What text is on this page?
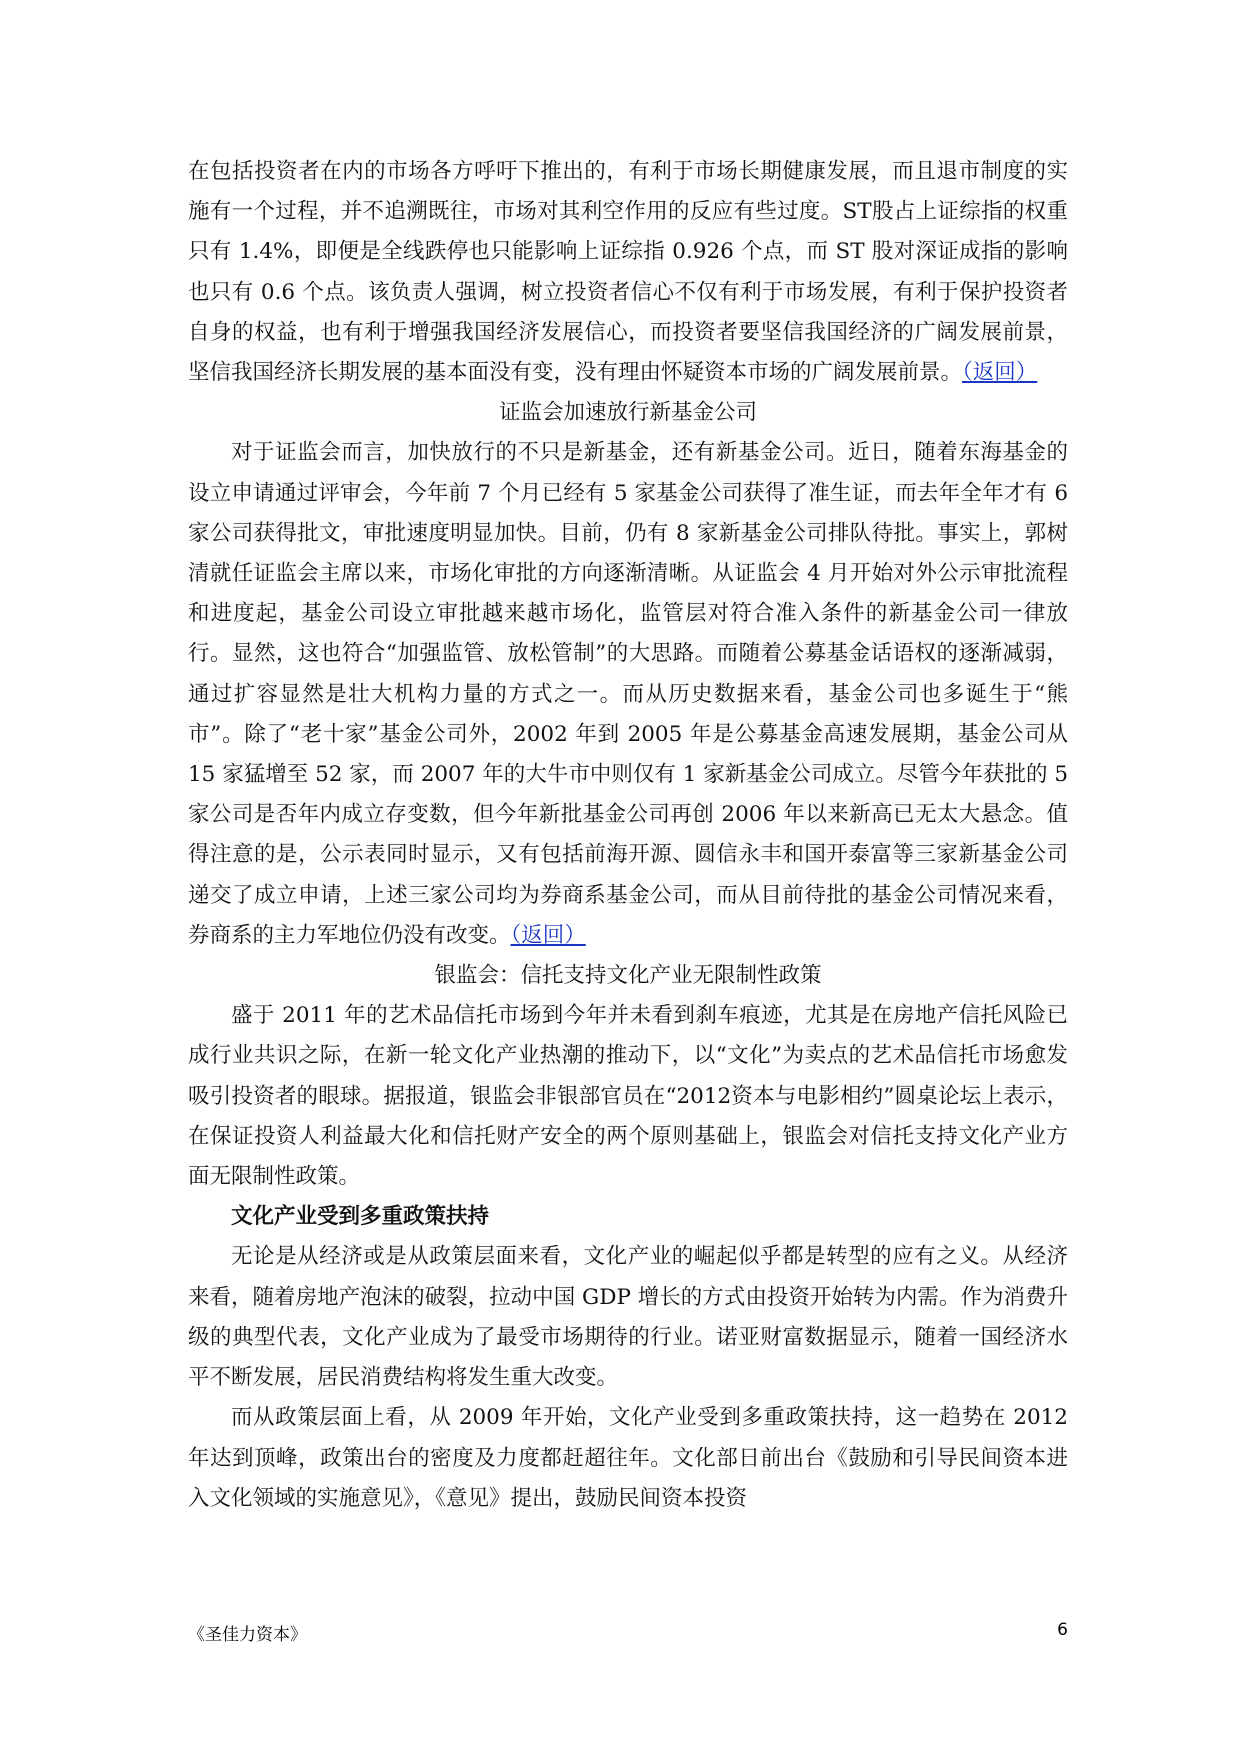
在包括投资者在内的市场各方呼吁下推出的，有利于市场长期健康发展，而且退市制度的实施有一个过程，并不追溯既往，市场对其利空作用的反应有些过度。ST股占上证综指的权重只有 1.4%，即便是全线跌停也只能影响上证综指 0.926 个点，而 ST 股对深证成指的影响也只有 0.6 个点。该负责人强调，树立投资者信心不仅有利于市场发展，有利于保护投资者自身的权益，也有利于增强我国经济发展信心，而投资者要坚信我国经济的广阔发展前景，坚信我国经济长期发展的基本面没有变，没有理由怀疑资本市场的广阔发展前景。（返回）

证监会加速放行新基金公司

对于证监会而言，加快放行的不只是新基金，还有新基金公司。近日，随着东海基金的设立申请通过评审会，今年前 7 个月已经有 5 家基金公司获得了准生证，而去年全年才有 6 家公司获得批文，审批速度明显加快。目前，仍有 8 家新基金公司排队待批。事实上，郭树清就任证监会主席以来，市场化审批的方向逐渐清晰。从证监会 4 月开始对外公示审批流程和进度起，基金公司设立审批越来越市场化，监管层对符合准入条件的新基金公司一律放行。显然，这也符合“加强监管、放松管制”的大思路。而随着公募基金话语权的逐渐减弱，通过扩容显然是壮大机构力量的方式之一。而从历史数据来看，基金公司也多诞生于“熊市”。除了“老十家”基金公司外，2002 年到 2005 年是公募基金高速发展期，基金公司从 15 家猛增至 52 家，而 2007 年的大牛市中则仅有 1 家新基金公司成立。尽管今年获批的 5 家公司是否年内成立存变数，但今年新批基金公司再创 2006 年以来新高已无太大悬念。值得注意的是，公示表同时显示，又有包括前海开源、圆信永丰和国开泰富等三家新基金公司递交了成立申请，上述三家公司均为券商系基金公司，而从目前待批的基金公司情况来看，券商系的主力军地位仍没有改变。（返回）

银监会：信托支持文化产业无限制性政策

盛于 2011 年的艺术品信托市场到今年并未看到刹车痕迹，尤其是在房地产信托风险已成行业共识之际，在新一轮文化产业热潮的推动下，以“文化”为卖点的艺术品信托市场愈发吸引投资者的眼球。据报道，银监会非银部官员在“2012资本与电影相约”圆桌论坛上表示，在保证投资人利益最大化和信托财产安全的两个原则基础上，银监会对信托支持文化产业方面无限制性政策。

文化产业受到多重政策扶持

无论是从经济或是从政策层面来看，文化产业的崛起似乎都是转型的应有之义。从经济来看，随着房地产泡沫的破裂，拉动中国 GDP 增长的方式由投资开始转为内需。作为消费升级的典型代表，文化产业成为了最受市场期待的行业。诺亚财富数据显示，随着一国经济水平不断发展，居民消费结构将发生重大改变。

而从政策层面上看，从 2009 年开始，文化产业受到多重政策扶持，这一趋势在 2012 年达到顶峰，政策出台的密度及力度都赶超往年。文化部日前出台《鼓励和引导民间资本进入文化领域的实施意见》，《意见》提出，鼓励民间资本投资

《圣佳力资本》	6
